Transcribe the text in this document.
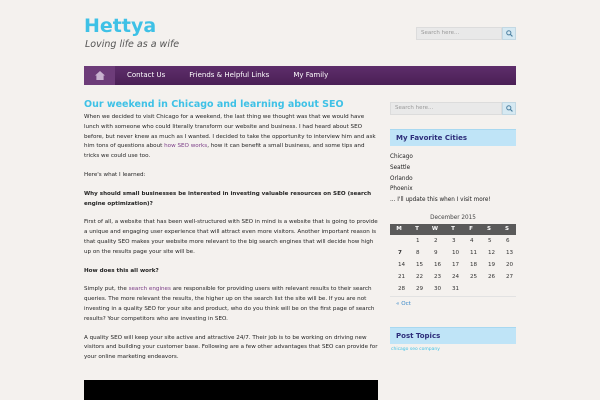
Hettya
Loving life as a wife
Search here...
Contact Us	Friends & Helpful Links	My Family
Our weekend in Chicago and learning about SEO

When we decided to visit Chicago for a weekend, the last thing we thought was that we would have lunch with someone who could literally transform our website and business. I had heard about SEO before, but never knew as much as I wanted. I decided to take the opportunity to interview him and ask him tons of questions about how SEO works, how it can benefit a small business, and some tips and tricks we could use too.

Here's what I learned:

Why should small businesses be interested in investing valuable resources on SEO (search engine optimization)?

First of all, a website that has been well-structured with SEO in mind is a website that is going to provide a unique and engaging user experience that will attract even more visitors. Another important reason is that quality SEO makes your website more relevant to the big search engines that will decide how high up on the results page your site will be.

How does this all work?

Simply put, the search engines are responsible for providing users with relevant results to their search queries. The more relevant the results, the higher up on the search list the site will be. If you are not investing in a quality SEO for your site and product, who do you think will be on the first page of search results? Your competitors who are investing in SEO.

A quality SEO will keep your site active and attractive 24/7. Their job is to be working on driving new visitors and building your customer base. Following are a few other advantages that SEO can provide for your online marketing endeavors.

Search here...
My Favorite Cities
Chicago
Seattle
Orlando
Phoenix
... I'll update this when I visit more!
December 2015
M	T	W	T	F	S	S
	1	2	3	4	5	6
7	8	9	10	11	12	13
14	15	16	17	18	19	20
21	22	23	24	25	26	27
28	29	30	31			
« Oct
Post Topics
chicago seo company
